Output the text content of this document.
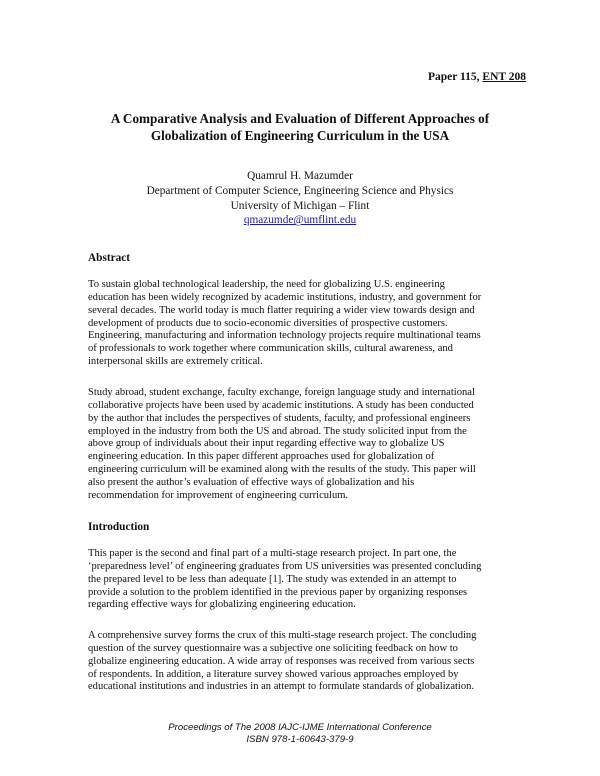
Paper 115, ENT 208
A Comparative Analysis and Evaluation of Different Approaches of
Globalization of Engineering Curriculum in the USA
Quamrul H. Mazumder
Department of Computer Science, Engineering Science and Physics
University of Michigan – Flint
qmazumde@umflint.edu
Abstract
To sustain global technological leadership, the need for globalizing U.S. engineering
education has been widely recognized by academic institutions, industry, and government for
several decades. The world today is much flatter requiring a wider view towards design and
development of products due to socio-economic diversities of prospective customers.
Engineering, manufacturing and information technology projects require multinational teams
of professionals to work together where communication skills, cultural awareness, and
interpersonal skills are extremely critical.
Study abroad, student exchange, faculty exchange, foreign language study and international
collaborative projects have been used by academic institutions. A study has been conducted
by the author that includes the perspectives of students, faculty, and professional engineers
employed in the industry from both the US and abroad. The study solicited input from the
above group of individuals about their input regarding effective way to globalize US
engineering education. In this paper different approaches used for globalization of
engineering curriculum will be examined along with the results of the study. This paper will
also present the author’s evaluation of effective ways of globalization and his
recommendation for improvement of engineering curriculum.
Introduction
This paper is the second and final part of a multi-stage research project. In part one, the
‘preparedness level’ of engineering graduates from US universities was presented concluding
the prepared level to be less than adequate [1]. The study was extended in an attempt to
provide a solution to the problem identified in the previous paper by organizing responses
regarding effective ways for globalizing engineering education.
A comprehensive survey forms the crux of this multi-stage research project. The concluding
question of the survey questionnaire was a subjective one soliciting feedback on how to
globalize engineering education. A wide array of responses was received from various sects
of respondents. In addition, a literature survey showed various approaches employed by
educational institutions and industries in an attempt to formulate standards of globalization.
Proceedings of The 2008 IAJC-IJME International Conference
ISBN 978-1-60643-379-9
